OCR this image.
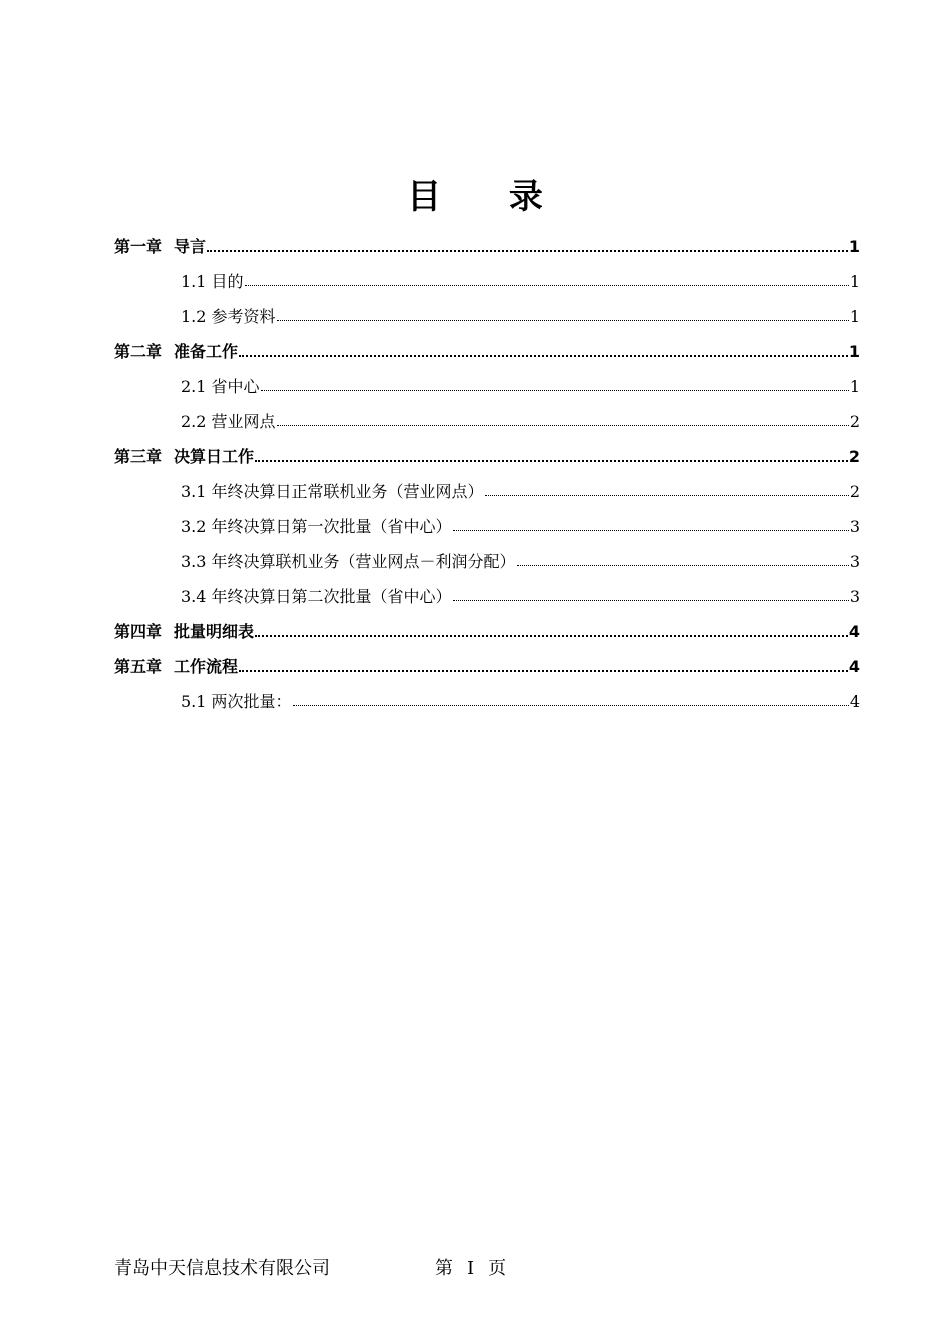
目 录
第一章 导言	1
1.1 目的	1
1.2 参考资料	1
第二章 准备工作	1
2.1 省中心	1
2.2 营业网点	2
第三章 决算日工作	2
3.1 年终决算日正常联机业务（营业网点）	2
3.2 年终决算日第一次批量（省中心）	3
3.3 年终决算联机业务（营业网点－利润分配）	3
3.4 年终决算日第二次批量（省中心）	3
第四章 批量明细表	4
第五章 工作流程	4
5.1 两次批量：	4
青岛中天信息技术有限公司	第 I 页
